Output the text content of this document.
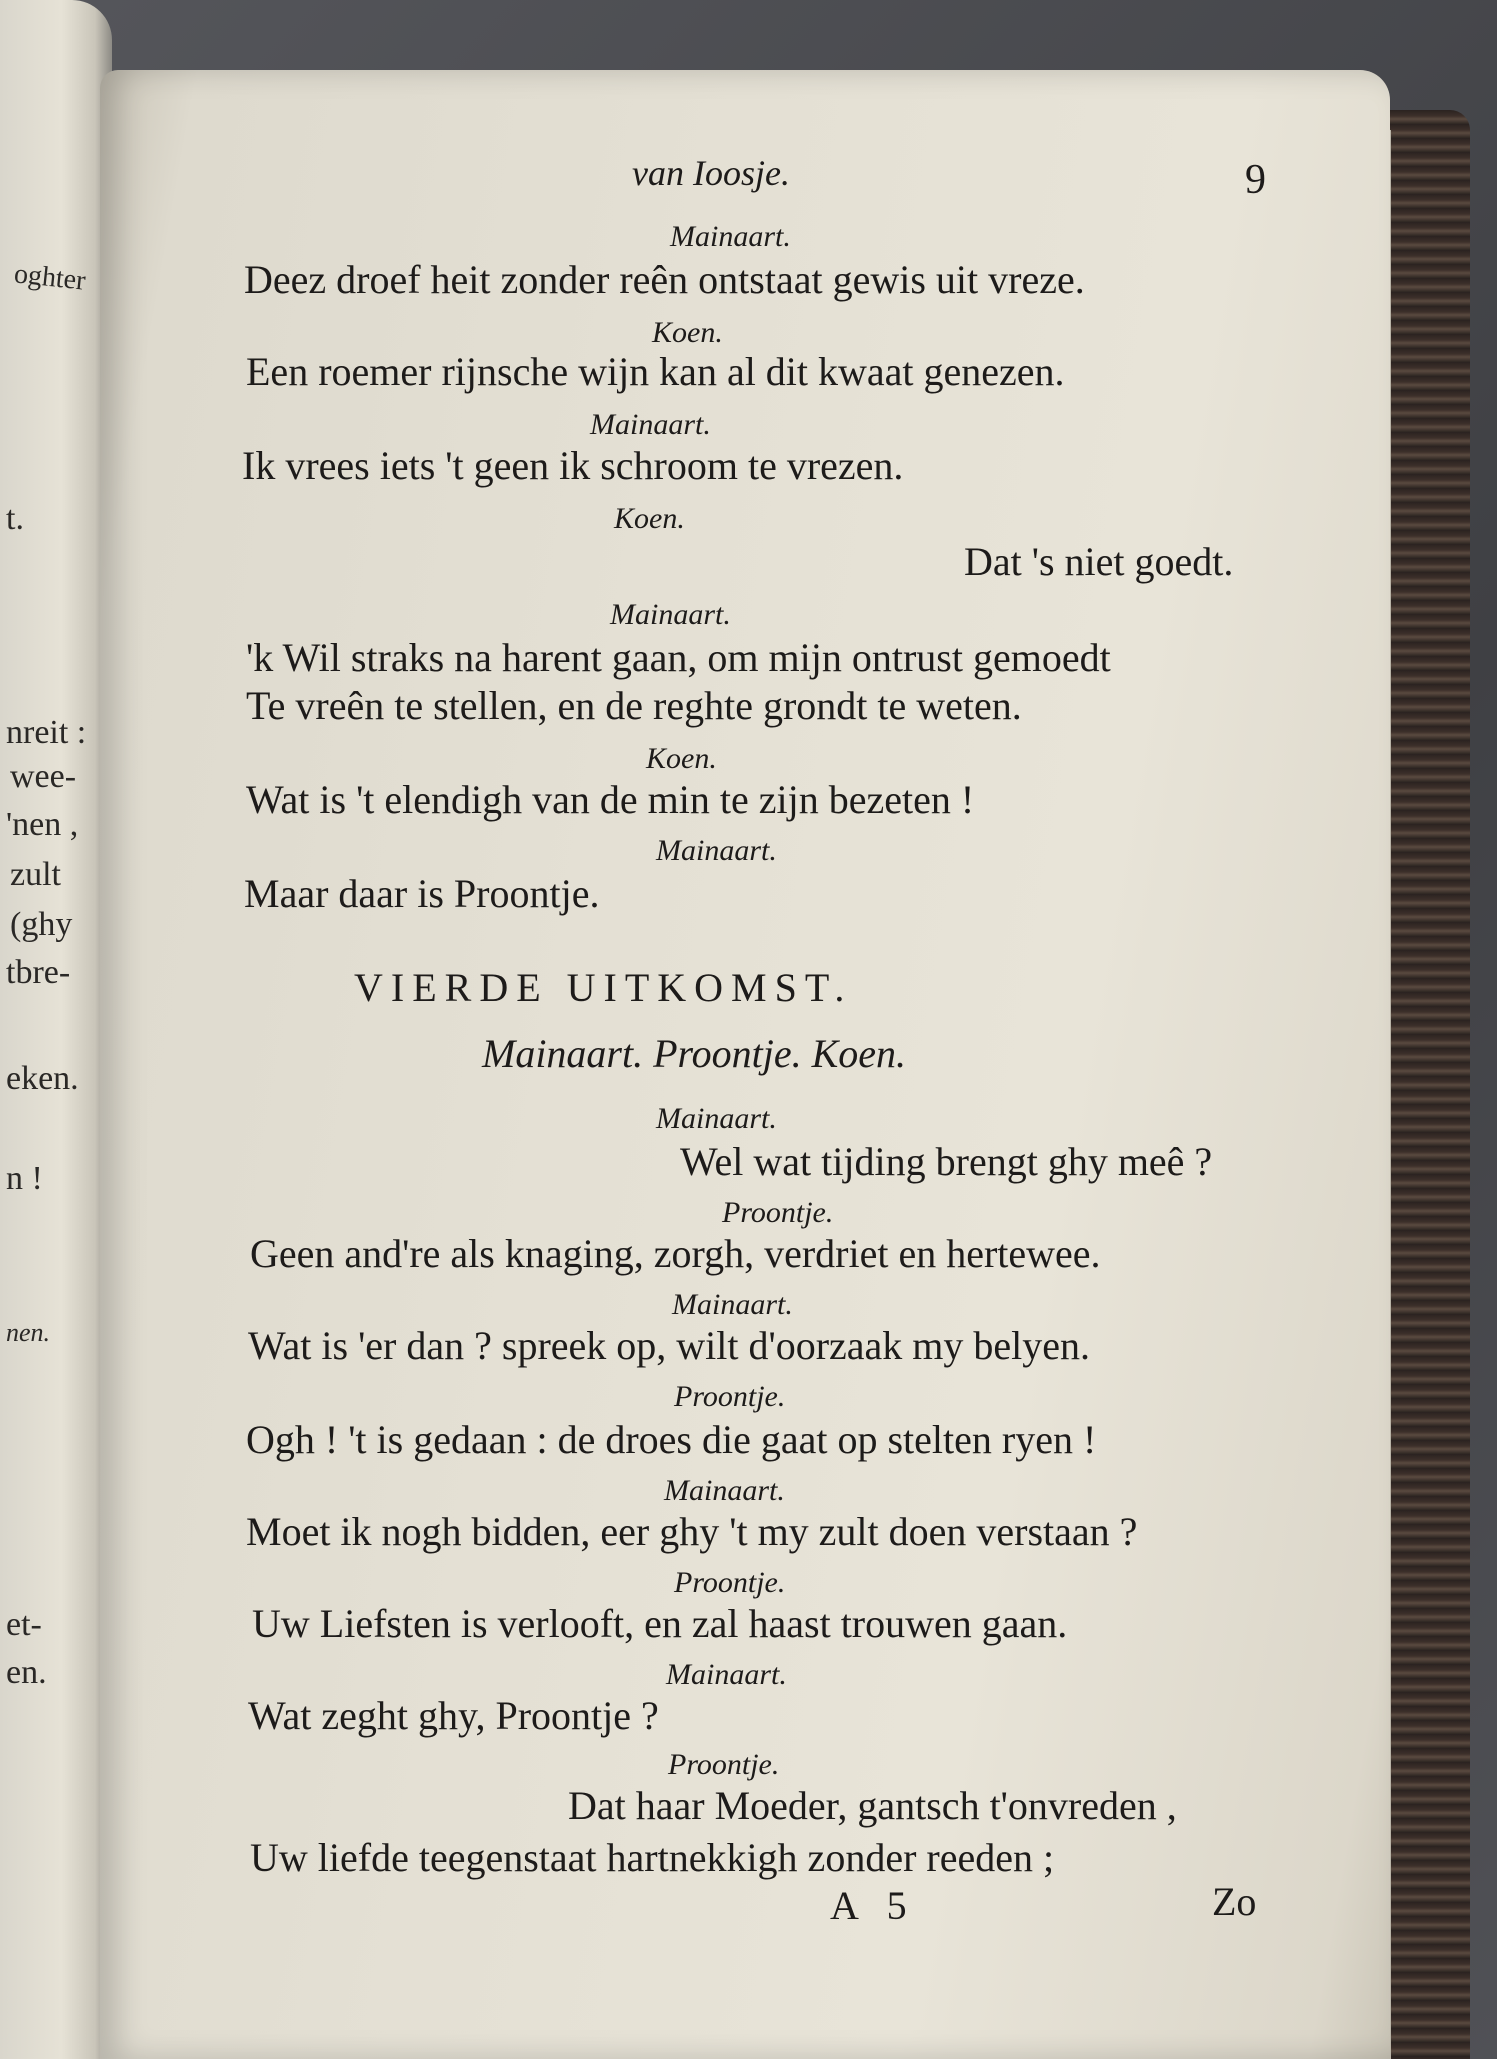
oghter
t.
nreit :
wee-
'nen ,
zult
(ghy
tbre-
eken.
n !
nen.
et-
en.
van Ioosje.	9
Mainaart.
Deez droef heit zonder reên ontstaat gewis uit vreze.
Koen.
Een roemer rijnsche wijn kan al dit kwaat genezen.
Mainaart.
Ik vrees iets 't geen ik schroom te vrezen.
Koen.
Dat 's niet goedt.
Mainaart.
'k Wil straks na harent gaan, om mijn ontrust gemoedt
Te vreên te stellen, en de reghte grondt te weten.
Koen.
Wat is 't elendigh van de min te zijn bezeten !
Mainaart.
Maar daar is Proontje.
VIERDE UITKOMST.
Mainaart. Proontje. Koen.
Mainaart.
Wel wat tijding brengt ghy meê ?
Proontje.
Geen and're als knaging, zorgh, verdriet en hertewee.
Mainaart.
Wat is 'er dan ? spreek op, wilt d'oorzaak my belyen.
Proontje.
Ogh ! 't is gedaan : de droes die gaat op stelten ryen !
Mainaart.
Moet ik nogh bidden, eer ghy 't my zult doen verstaan ?
Proontje.
Uw Liefsten is verlooft, en zal haast trouwen gaan.
Mainaart.
Wat zeght ghy, Proontje ?
Proontje.
Dat haar Moeder, gantsch t'onvreden ,
Uw liefde teegenstaat hartnekkigh zonder reeden ;
A 5	Zo
